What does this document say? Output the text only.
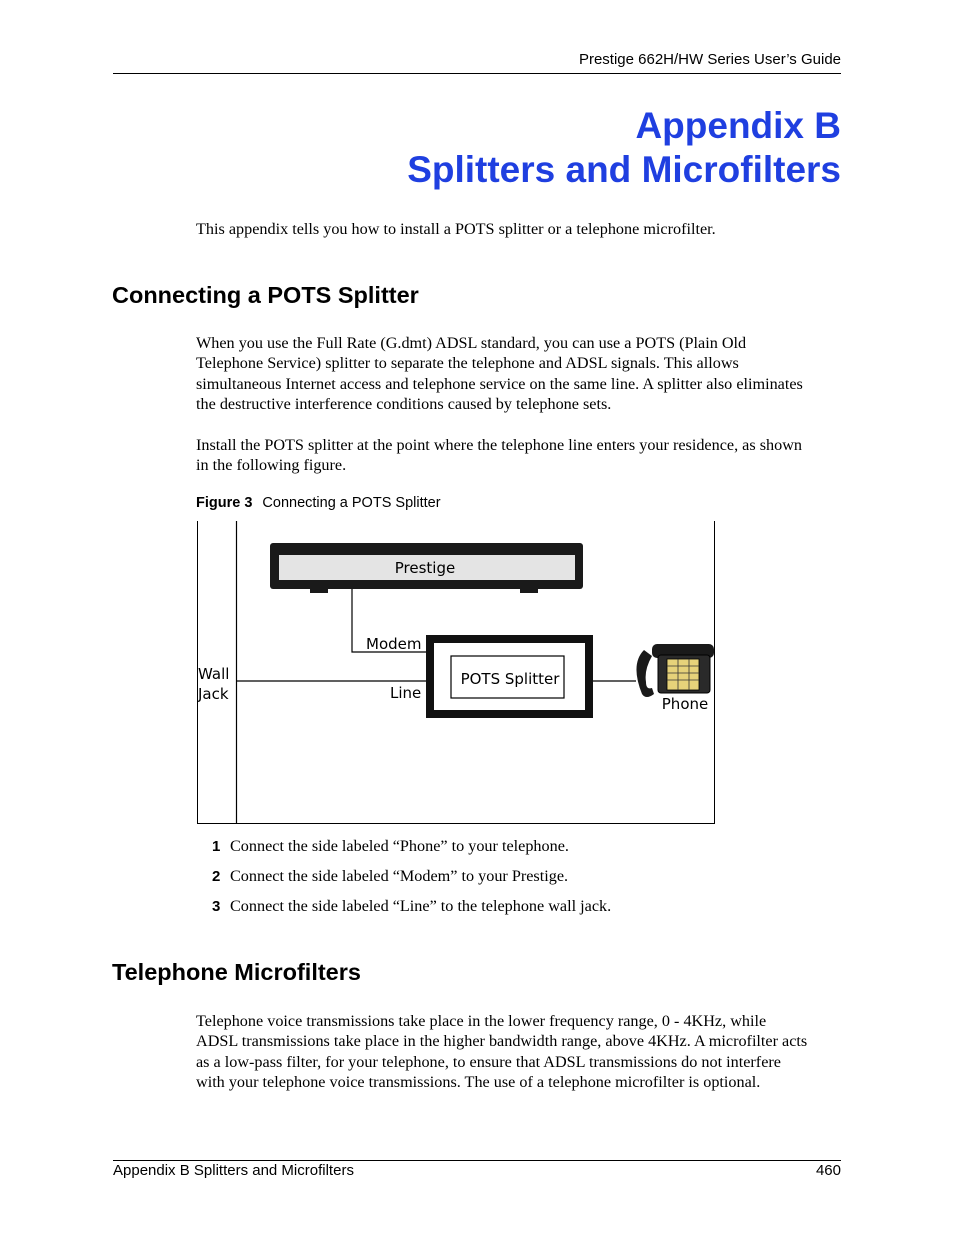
Prestige 662H/HW Series User’s Guide
Appendix B
Splitters and Microfilters
This appendix tells you how to install a POTS splitter or a telephone microfilter.
Connecting a POTS Splitter
When you use the Full Rate (G.dmt) ADSL standard, you can use a POTS (Plain Old
Telephone Service) splitter to separate the telephone and ADSL signals. This allows
simultaneous Internet access and telephone service on the same line. A splitter also eliminates
the destructive interference conditions caused by telephone sets.
Install the POTS splitter at the point where the telephone line enters your residence, as shown
in the following figure.
Figure 3 Connecting a POTS Splitter
Prestige
Modem
Line
Wall
Jack
POTS Splitter
Phone
1 Connect the side labeled “Phone” to your telephone.
2 Connect the side labeled “Modem” to your Prestige.
3 Connect the side labeled “Line” to the telephone wall jack.
Telephone Microfilters
Telephone voice transmissions take place in the lower frequency range, 0 - 4KHz, while
ADSL transmissions take place in the higher bandwidth range, above 4KHz. A microfilter acts
as a low-pass filter, for your telephone, to ensure that ADSL transmissions do not interfere
with your telephone voice transmissions. The use of a telephone microfilter is optional.
Appendix B Splitters and Microfilters	460
